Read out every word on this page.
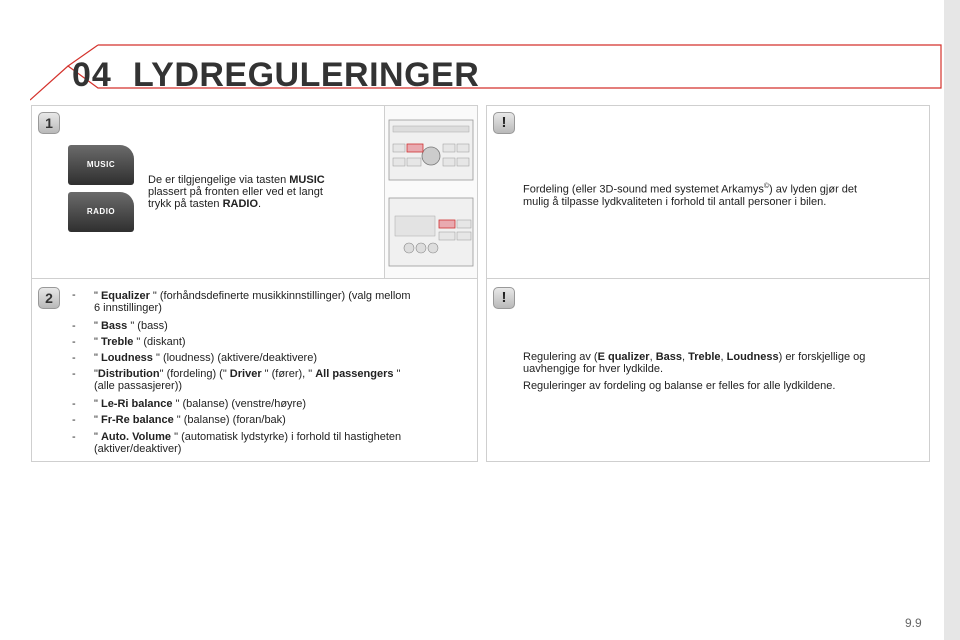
04 LYDREGULERINGER
1
MUSIC
RADIO
De er tilgjengelige via tasten MUSIC
plassert på fronten eller ved et langt
trykk på tasten RADIO.
2	- " Equalizer " (forhåndsdefinerte musikkinnstillinger) (valg mellom
6 innstillinger)
- " Bass " (bass)
- " Treble " (diskant)
- " Loudness " (loudness) (aktivere/deaktivere)
- "Distribution" (fordeling) (" Driver " (fører), " All passengers "
(alle passasjerer))
- " Le-Ri balance " (balanse) (venstre/høyre)
- " Fr-Re balance " (balanse) (foran/bak)
- " Auto. Volume " (automatisk lydstyrke) i forhold til hastigheten
(aktiver/deaktiver)
!
Fordeling (eller 3D-sound med systemet Arkamys©) av lyden gjør det
mulig å tilpasse lydkvaliteten i forhold til antall personer i bilen.
!
Regulering av (E qualizer, Bass, Treble, Loudness) er forskjellige og
uavhengige for hver lydkilde.
Reguleringer av fordeling og balanse er felles for alle lydkildene.
9.9
